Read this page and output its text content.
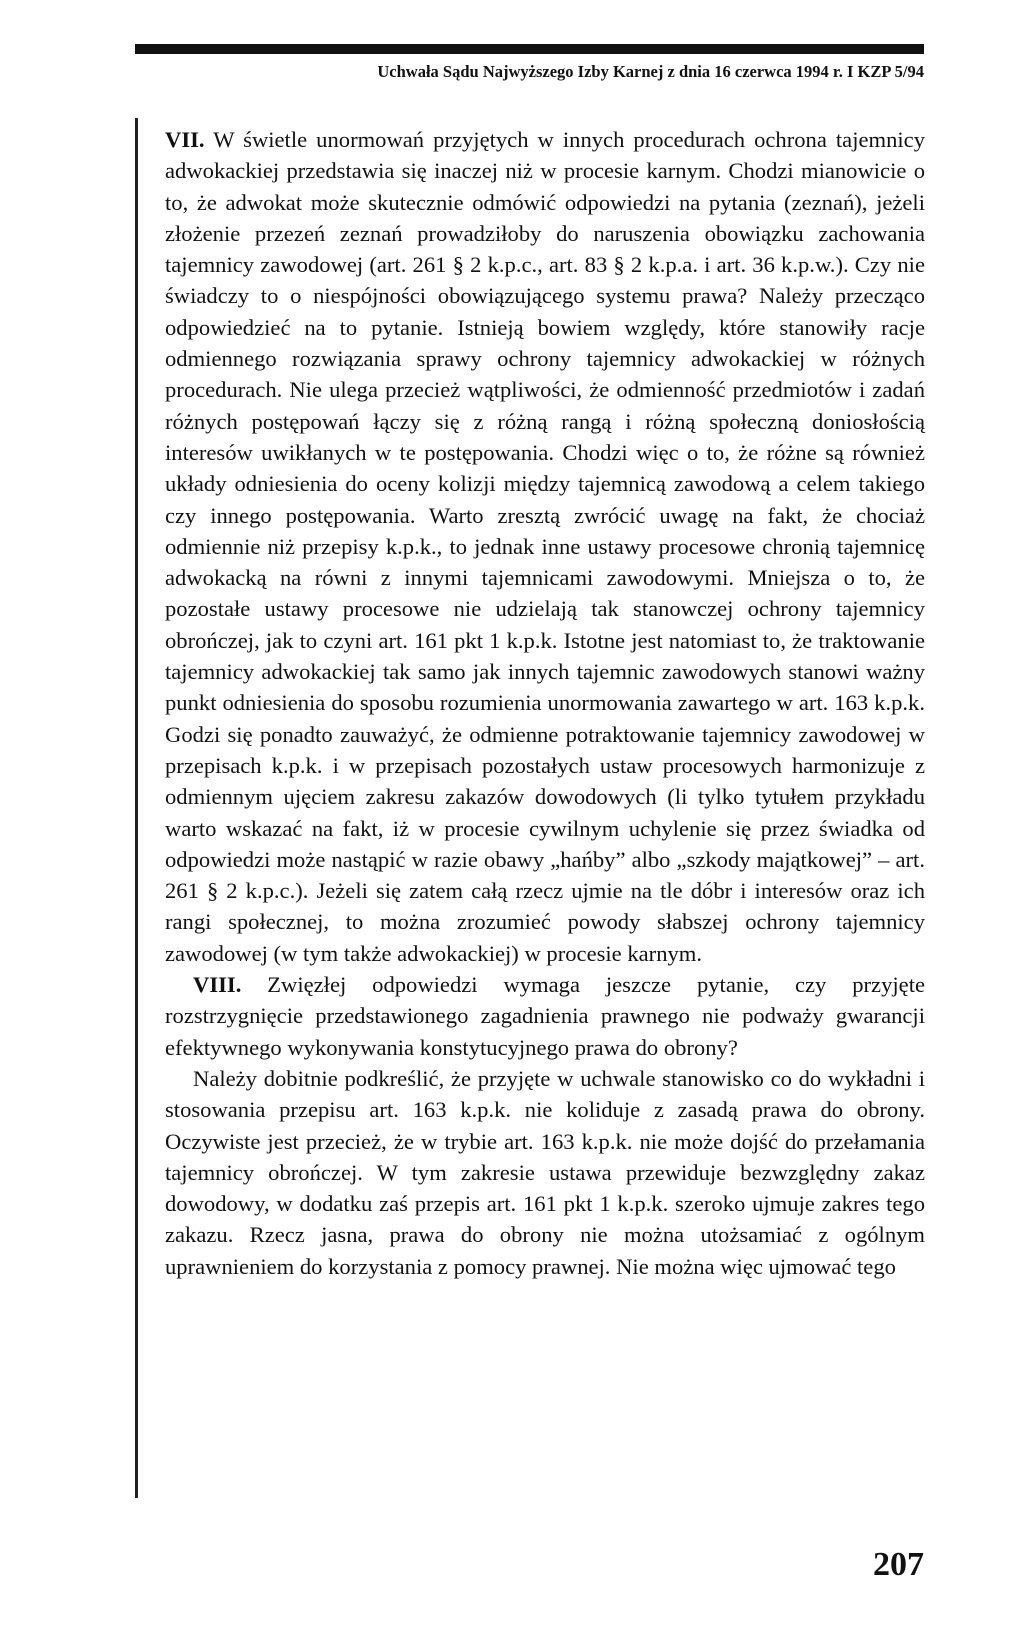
Uchwała Sądu Najwyższego Izby Karnej z dnia 16 czerwca 1994 r. I KZP 5/94

VII. W świetle unormowań przyjętych w innych procedurach ochrona tajemnicy adwokackiej przedstawia się inaczej niż w procesie karnym. Chodzi mianowicie o to, że adwokat może skutecznie odmówić odpowiedzi na pytania (zeznań), jeżeli złożenie przezeń zeznań prowadziłoby do naruszenia obowiązku zachowania tajemnicy zawodowej (art. 261 § 2 k.p.c., art. 83 § 2 k.p.a. i art. 36 k.p.w.). Czy nie świadczy to o niespójności obowiązującego systemu prawa? Należy przecząco odpowiedzieć na to pytanie. Istnieją bowiem względy, które stanowiły racje odmiennego rozwiązania sprawy ochrony tajemnicy adwokackiej w różnych procedurach. Nie ulega przecież wątpliwości, że odmienność przedmiotów i zadań różnych postępowań łączy się z różną rangą i różną społeczną doniosłością interesów uwikłanych w te postępowania. Chodzi więc o to, że różne są również układy odniesienia do oceny kolizji między tajemnicą zawodową a celem takiego czy innego postępowania. Warto zresztą zwrócić uwagę na fakt, że chociaż odmiennie niż przepisy k.p.k., to jednak inne ustawy procesowe chronią tajemnicę adwokacką na równi z innymi tajemnicami zawodowymi. Mniejsza o to, że pozostałe ustawy procesowe nie udzielają tak stanowczej ochrony tajemnicy obrończej, jak to czyni art. 161 pkt 1 k.p.k. Istotne jest natomiast to, że traktowanie tajemnicy adwokackiej tak samo jak innych tajemnic zawodowych stanowi ważny punkt odniesienia do sposobu rozumienia unormowania zawartego w art. 163 k.p.k. Godzi się ponadto zauważyć, że odmienne potraktowanie tajemnicy zawodowej w przepisach k.p.k. i w przepisach pozostałych ustaw procesowych harmonizuje z odmiennym ujęciem zakresu zakazów dowodowych (li tylko tytułem przykładu warto wskazać na fakt, iż w procesie cywilnym uchylenie się przez świadka od odpowiedzi może nastąpić w razie obawy „hańby” albo „szkody majątkowej” – art. 261 § 2 k.p.c.). Jeżeli się zatem całą rzecz ujmie na tle dóbr i interesów oraz ich rangi społecznej, to można zrozumieć powody słabszej ochrony tajemnicy zawodowej (w tym także adwokackiej) w procesie karnym.

VIII. Zwięzłej odpowiedzi wymaga jeszcze pytanie, czy przyjęte rozstrzygnięcie przedstawionego zagadnienia prawnego nie podważy gwarancji efektywnego wykonywania konstytucyjnego prawa do obrony?

Należy dobitnie podkreślić, że przyjęte w uchwale stanowisko co do wykładni i stosowania przepisu art. 163 k.p.k. nie koliduje z zasadą prawa do obrony. Oczywiste jest przecież, że w trybie art. 163 k.p.k. nie może dojść do przełamania tajemnicy obrończej. W tym zakresie ustawa przewiduje bezwzględny zakaz dowodowy, w dodatku zaś przepis art. 161 pkt 1 k.p.k. szeroko ujmuje zakres tego zakazu. Rzecz jasna, prawa do obrony nie można utożsamiać z ogólnym uprawnieniem do korzystania z pomocy prawnej. Nie można więc ujmować tego

207
